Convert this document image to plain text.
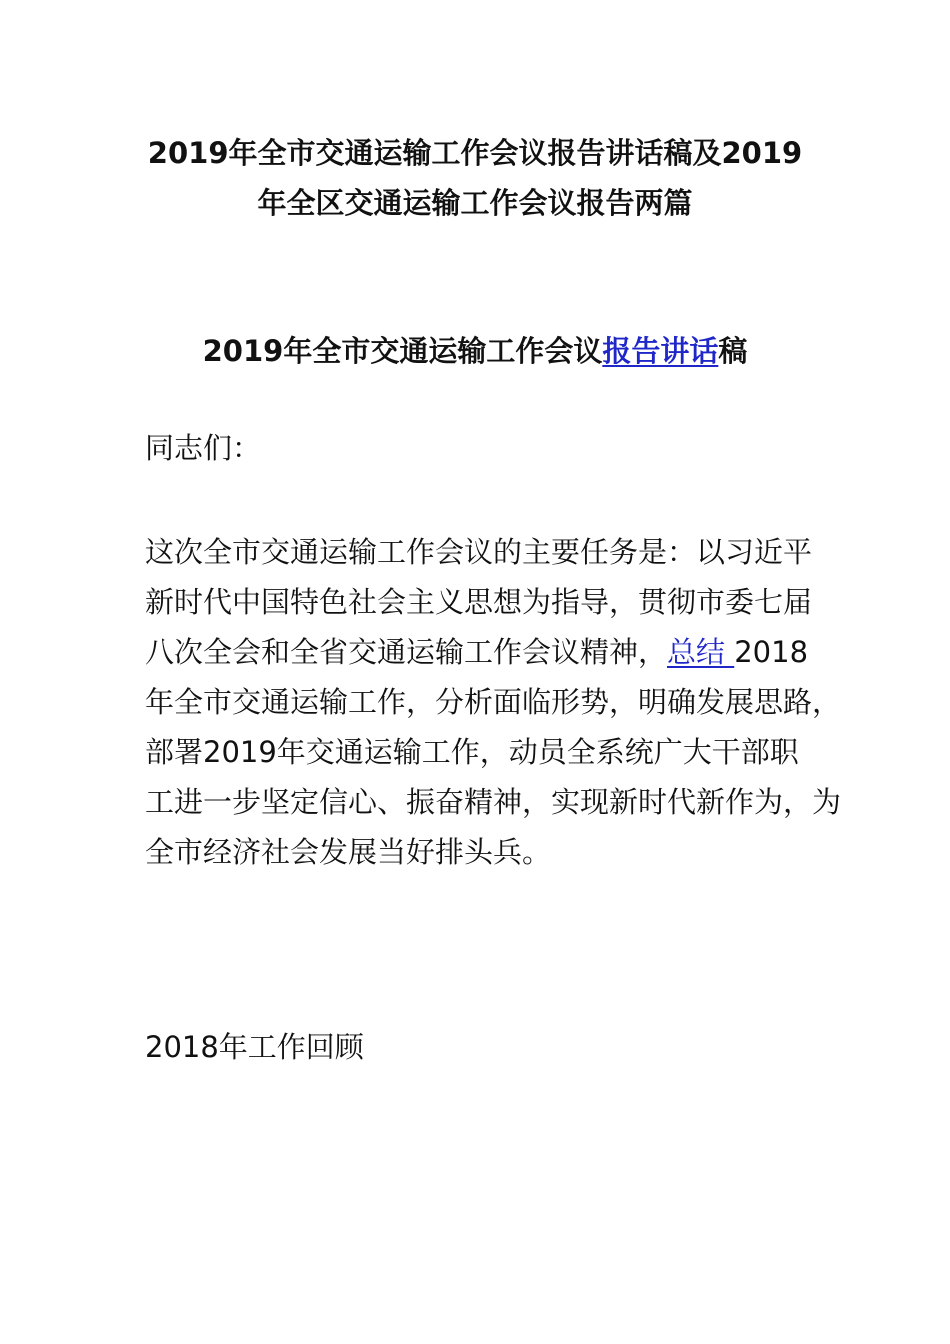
2019年全市交通运输工作会议报告讲话稿及2019
年全区交通运输工作会议报告两篇
2019年全市交通运输工作会议报告讲话稿

同志们：

这次全市交通运输工作会议的主要任务是：以习近平
新时代中国特色社会主义思想为指导，贯彻市委七届
八次全会和全省交通运输工作会议精神，总结 2018
年全市交通运输工作，分析面临形势，明确发展思路，
部署2019年交通运输工作，动员全系统广大干部职
工进一步坚定信心、振奋精神，实现新时代新作为，为
全市经济社会发展当好排头兵。

2018年工作回顾
